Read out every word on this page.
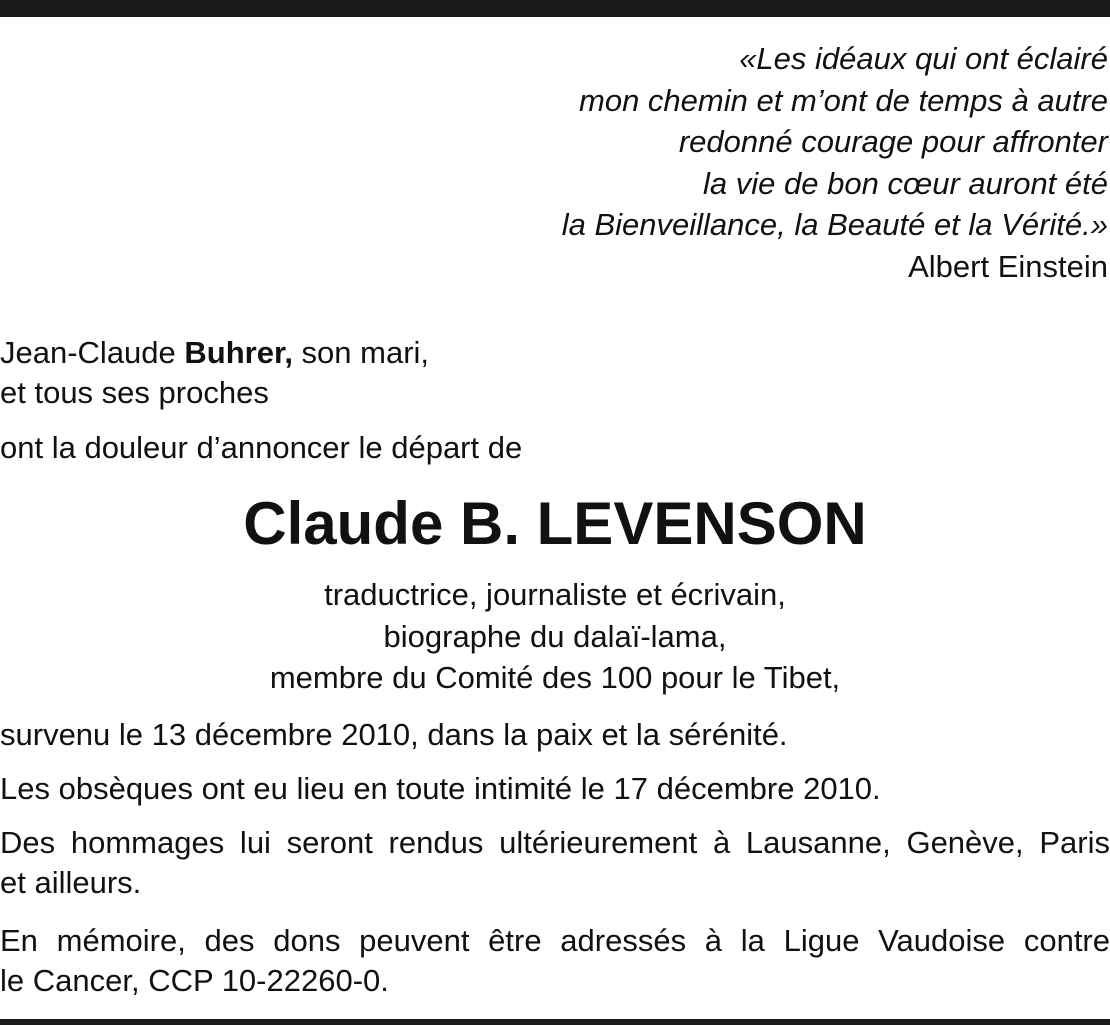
«Les idéaux qui ont éclairé
mon chemin et m’ont de temps à autre
redonné courage pour affronter
la vie de bon cœur auront été
la Bienveillance, la Beauté et la Vérité.»
Albert Einstein
Jean-Claude Buhrer, son mari,
et tous ses proches
ont la douleur d’annoncer le départ de
Claude B. LEVENSON
traductrice, journaliste et écrivain,
biographe du dalaï-lama,
membre du Comité des 100 pour le Tibet,
survenu le 13 décembre 2010, dans la paix et la sérénité.
Les obsèques ont eu lieu en toute intimité le 17 décembre 2010.
Des hommages lui seront rendus ultérieurement à Lausanne, Genève, Paris
et ailleurs.
En mémoire, des dons peuvent être adressés à la Ligue Vaudoise contre
le Cancer, CCP 10-22260-0.
